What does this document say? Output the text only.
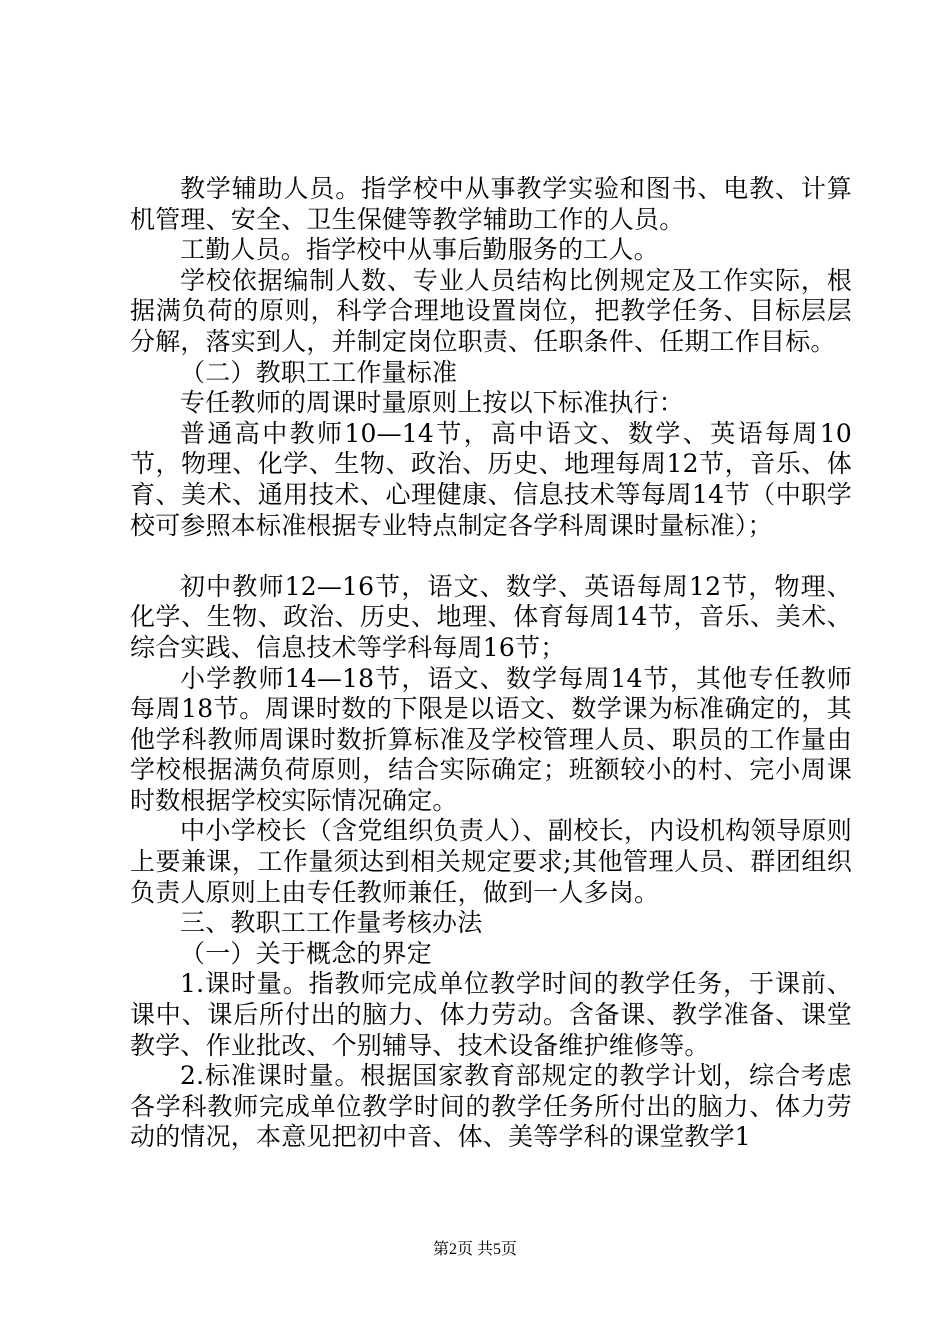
教学辅助人员。指学校中从事教学实验和图书、电教、计算机管理、安全、卫生保健等教学辅助工作的人员。

工勤人员。指学校中从事后勤服务的工人。

学校依据编制人数、专业人员结构比例规定及工作实际，根据满负荷的原则，科学合理地设置岗位，把教学任务、目标层层分解，落实到人，并制定岗位职责、任职条件、任期工作目标。

（二）教职工工作量标准

专任教师的周课时量原则上按以下标准执行：

普通高中教师10—14节，高中语文、数学、英语每周10节，物理、化学、生物、政治、历史、地理每周12节，音乐、体育、美术、通用技术、心理健康、信息技术等每周14节（中职学校可参照本标准根据专业特点制定各学科周课时量标准）；

初中教师12—16节，语文、数学、英语每周12节，物理、化学、生物、政治、历史、地理、体育每周14节，音乐、美术、综合实践、信息技术等学科每周16节；

小学教师14—18节，语文、数学每周14节，其他专任教师每周18节。周课时数的下限是以语文、数学课为标准确定的，其他学科教师周课时数折算标准及学校管理人员、职员的工作量由学校根据满负荷原则，结合实际确定；班额较小的村、完小周课时数根据学校实际情况确定。

中小学校长（含党组织负责人）、副校长，内设机构领导原则上要兼课，工作量须达到相关规定要求;其他管理人员、群团组织负责人原则上由专任教师兼任，做到一人多岗。

三、教职工工作量考核办法

（一）关于概念的界定

1.课时量。指教师完成单位教学时间的教学任务，于课前、课中、课后所付出的脑力、体力劳动。含备课、教学准备、课堂教学、作业批改、个别辅导、技术设备维护维修等。

2.标准课时量。根据国家教育部规定的教学计划，综合考虑各学科教师完成单位教学时间的教学任务所付出的脑力、体力劳动的情况，本意见把初中音、体、美等学科的课堂教学1

第2页 共5页
